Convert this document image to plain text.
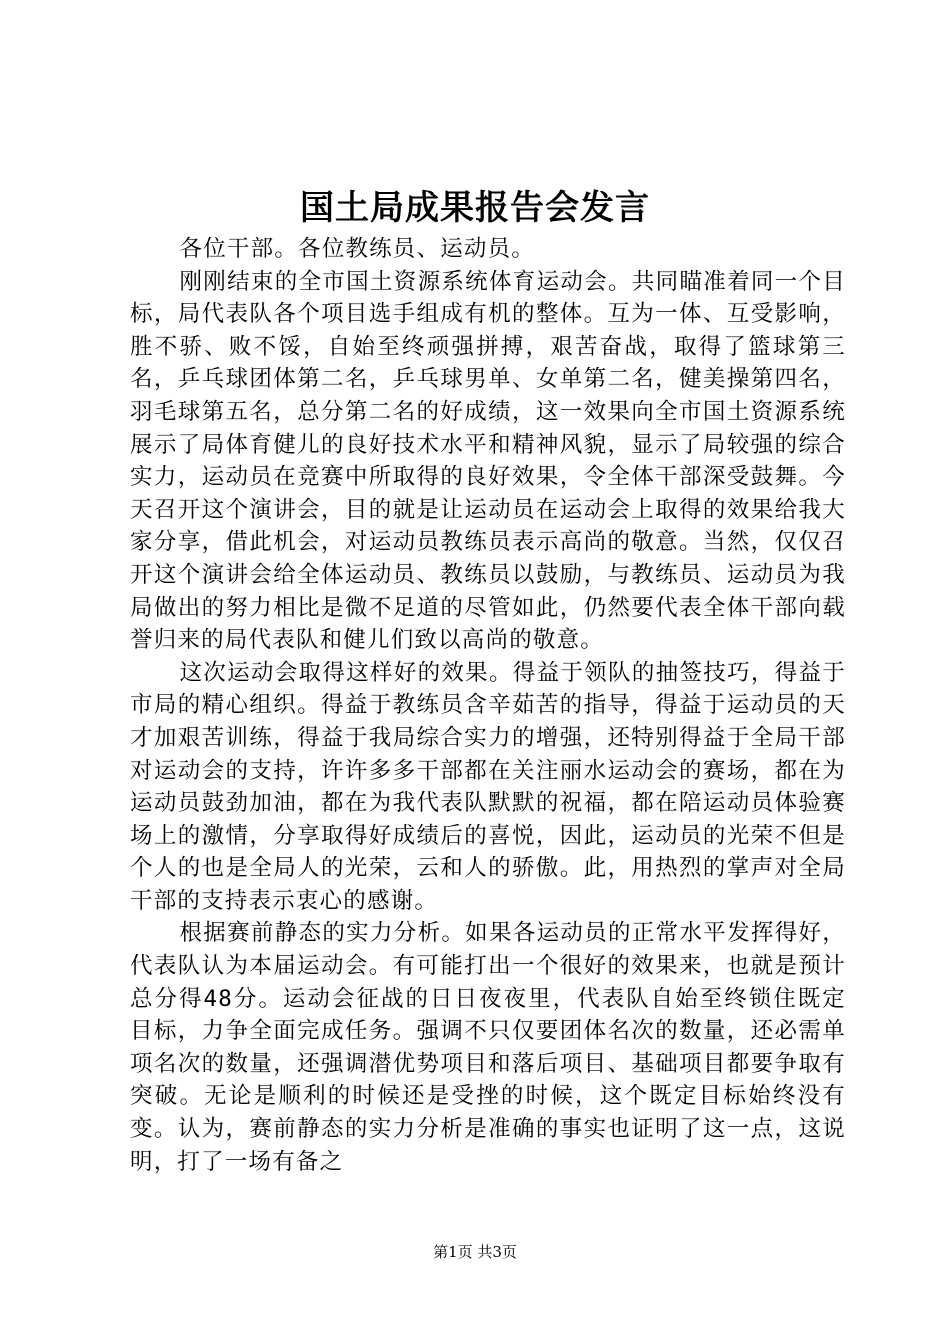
国土局成果报告会发言

各位干部。各位教练员、运动员。

刚刚结束的全市国土资源系统体育运动会。共同瞄准着同一个目标，局代表队各个项目选手组成有机的整体。互为一体、互受影响，胜不骄、败不馁，自始至终顽强拼搏，艰苦奋战，取得了篮球第三名，乒乓球团体第二名，乒乓球男单、女单第二名，健美操第四名，羽毛球第五名，总分第二名的好成绩，这一效果向全市国土资源系统展示了局体育健儿的良好技术水平和精神风貌，显示了局较强的综合实力，运动员在竞赛中所取得的良好效果，令全体干部深受鼓舞。今天召开这个演讲会，目的就是让运动员在运动会上取得的效果给我大家分享，借此机会，对运动员教练员表示高尚的敬意。当然，仅仅召开这个演讲会给全体运动员、教练员以鼓励，与教练员、运动员为我局做出的努力相比是微不足道的尽管如此，仍然要代表全体干部向载誉归来的局代表队和健儿们致以高尚的敬意。

这次运动会取得这样好的效果。得益于领队的抽签技巧，得益于市局的精心组织。得益于教练员含辛茹苦的指导，得益于运动员的天才加艰苦训练，得益于我局综合实力的增强，还特别得益于全局干部对运动会的支持，许许多多干部都在关注丽水运动会的赛场，都在为运动员鼓劲加油，都在为我代表队默默的祝福，都在陪运动员体验赛场上的激情，分享取得好成绩后的喜悦，因此，运动员的光荣不但是个人的也是全局人的光荣，云和人的骄傲。此，用热烈的掌声对全局干部的支持表示衷心的感谢。

根据赛前静态的实力分析。如果各运动员的正常水平发挥得好，代表队认为本届运动会。有可能打出一个很好的效果来，也就是预计总分得48分。运动会征战的日日夜夜里，代表队自始至终锁住既定目标，力争全面完成任务。强调不只仅要团体名次的数量，还必需单项名次的数量，还强调潜优势项目和落后项目、基础项目都要争取有突破。无论是顺利的时候还是受挫的时候，这个既定目标始终没有变。认为，赛前静态的实力分析是准确的事实也证明了这一点，这说明，打了一场有备之

第1页 共3页
